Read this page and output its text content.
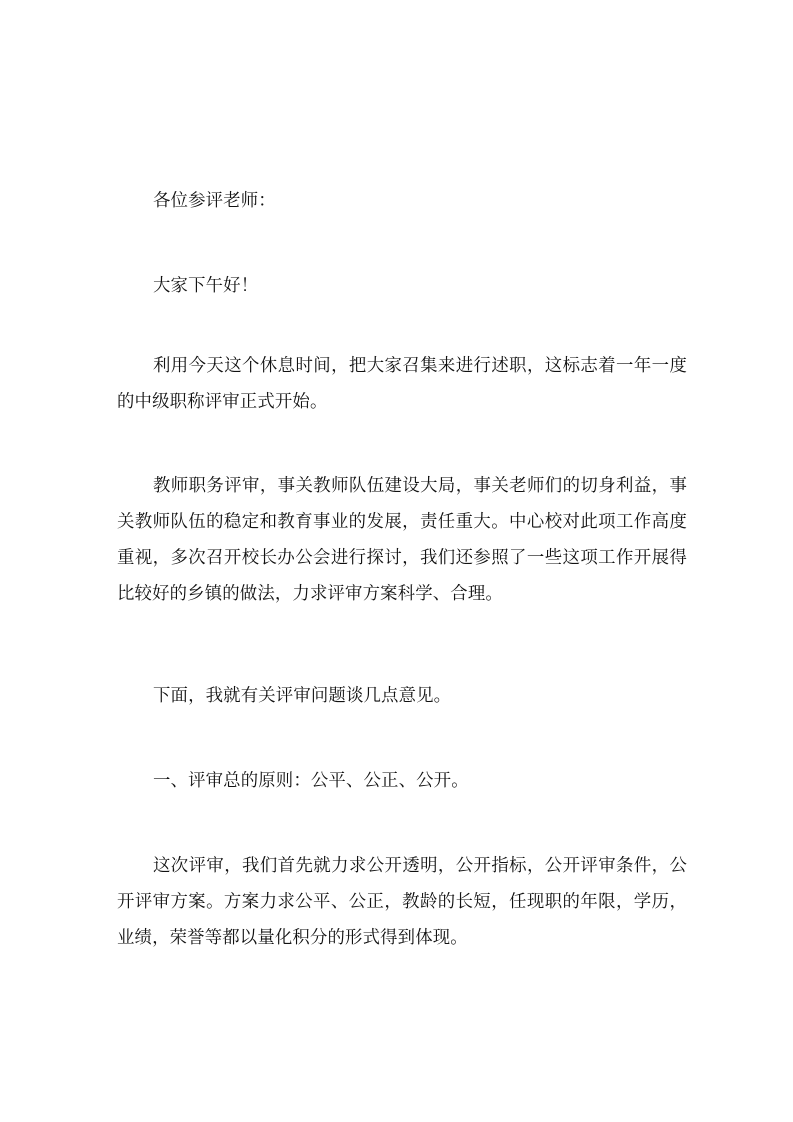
各位参评老师：

大家下午好！

利用今天这个休息时间，把大家召集来进行述职，这标志着一年一度的中级职称评审正式开始。

教师职务评审，事关教师队伍建设大局，事关老师们的切身利益，事关教师队伍的稳定和教育事业的发展，责任重大。中心校对此项工作高度重视，多次召开校长办公会进行探讨，我们还参照了一些这项工作开展得比较好的乡镇的做法，力求评审方案科学、合理。

下面，我就有关评审问题谈几点意见。

一、评审总的原则：公平、公正、公开。

这次评审，我们首先就力求公开透明，公开指标，公开评审条件，公开评审方案。方案力求公平、公正，教龄的长短，任现职的年限，学历，业绩，荣誉等都以量化积分的形式得到体现。
